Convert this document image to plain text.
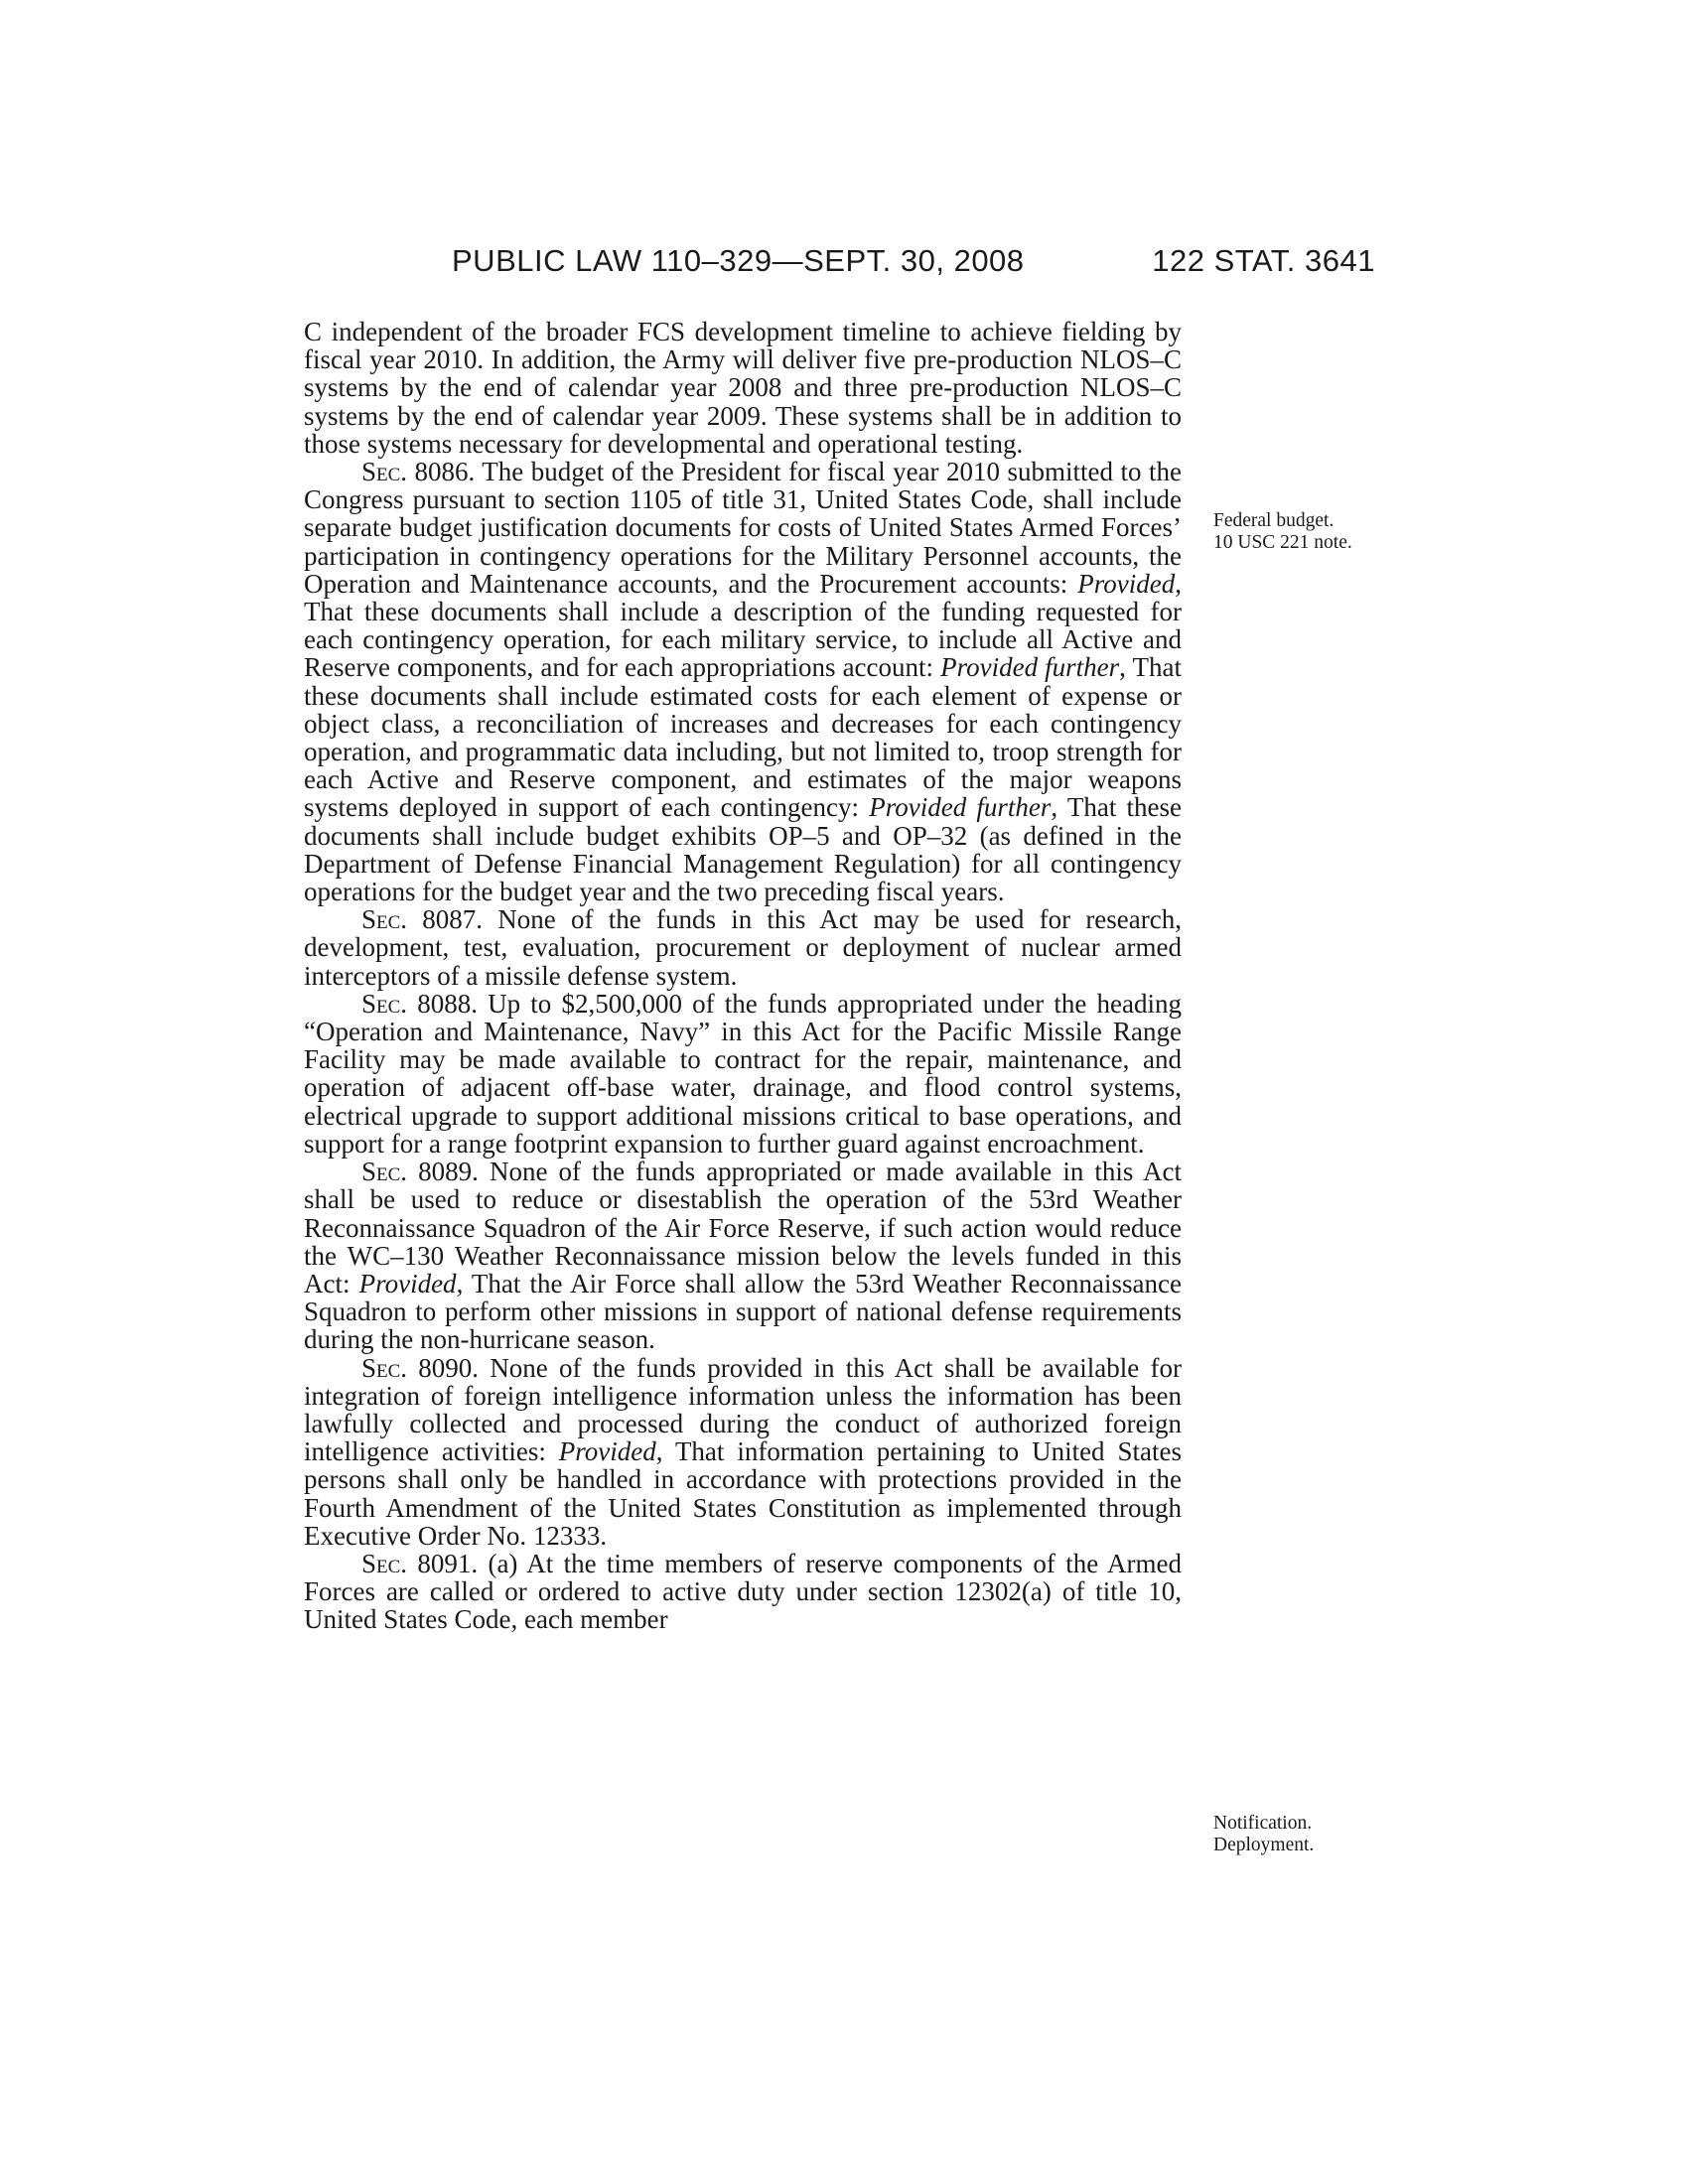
PUBLIC LAW 110–329—SEPT. 30, 2008	122 STAT. 3641
Federal budget.
10 USC 221 note.
Notification.
Deployment.

C independent of the broader FCS development timeline to achieve fielding by fiscal year 2010. In addition, the Army will deliver five pre-production NLOS–C systems by the end of calendar year 2008 and three pre-production NLOS–C systems by the end of calendar year 2009. These systems shall be in addition to those systems necessary for developmental and operational testing.

Sec. 8086. The budget of the President for fiscal year 2010 submitted to the Congress pursuant to section 1105 of title 31, United States Code, shall include separate budget justification documents for costs of United States Armed Forces’ participation in contingency operations for the Military Personnel accounts, the Operation and Maintenance accounts, and the Procurement accounts: Provided, That these documents shall include a description of the funding requested for each contingency operation, for each military service, to include all Active and Reserve components, and for each appropriations account: Provided further, That these documents shall include estimated costs for each element of expense or object class, a reconciliation of increases and decreases for each contingency operation, and programmatic data including, but not limited to, troop strength for each Active and Reserve component, and estimates of the major weapons systems deployed in support of each contingency: Provided further, That these documents shall include budget exhibits OP–5 and OP–32 (as defined in the Department of Defense Financial Management Regulation) for all contingency operations for the budget year and the two preceding fiscal years.

Sec. 8087. None of the funds in this Act may be used for research, development, test, evaluation, procurement or deployment of nuclear armed interceptors of a missile defense system.

Sec. 8088. Up to $2,500,000 of the funds appropriated under the heading “Operation and Maintenance, Navy” in this Act for the Pacific Missile Range Facility may be made available to contract for the repair, maintenance, and operation of adjacent off-base water, drainage, and flood control systems, electrical upgrade to support additional missions critical to base operations, and support for a range footprint expansion to further guard against encroachment.

Sec. 8089. None of the funds appropriated or made available in this Act shall be used to reduce or disestablish the operation of the 53rd Weather Reconnaissance Squadron of the Air Force Reserve, if such action would reduce the WC–130 Weather Reconnaissance mission below the levels funded in this Act: Provided, That the Air Force shall allow the 53rd Weather Reconnaissance Squadron to perform other missions in support of national defense requirements during the non-hurricane season.

Sec. 8090. None of the funds provided in this Act shall be available for integration of foreign intelligence information unless the information has been lawfully collected and processed during the conduct of authorized foreign intelligence activities: Provided, That information pertaining to United States persons shall only be handled in accordance with protections provided in the Fourth Amendment of the United States Constitution as implemented through Executive Order No. 12333.

Sec. 8091. (a) At the time members of reserve components of the Armed Forces are called or ordered to active duty under section 12302(a) of title 10, United States Code, each member
